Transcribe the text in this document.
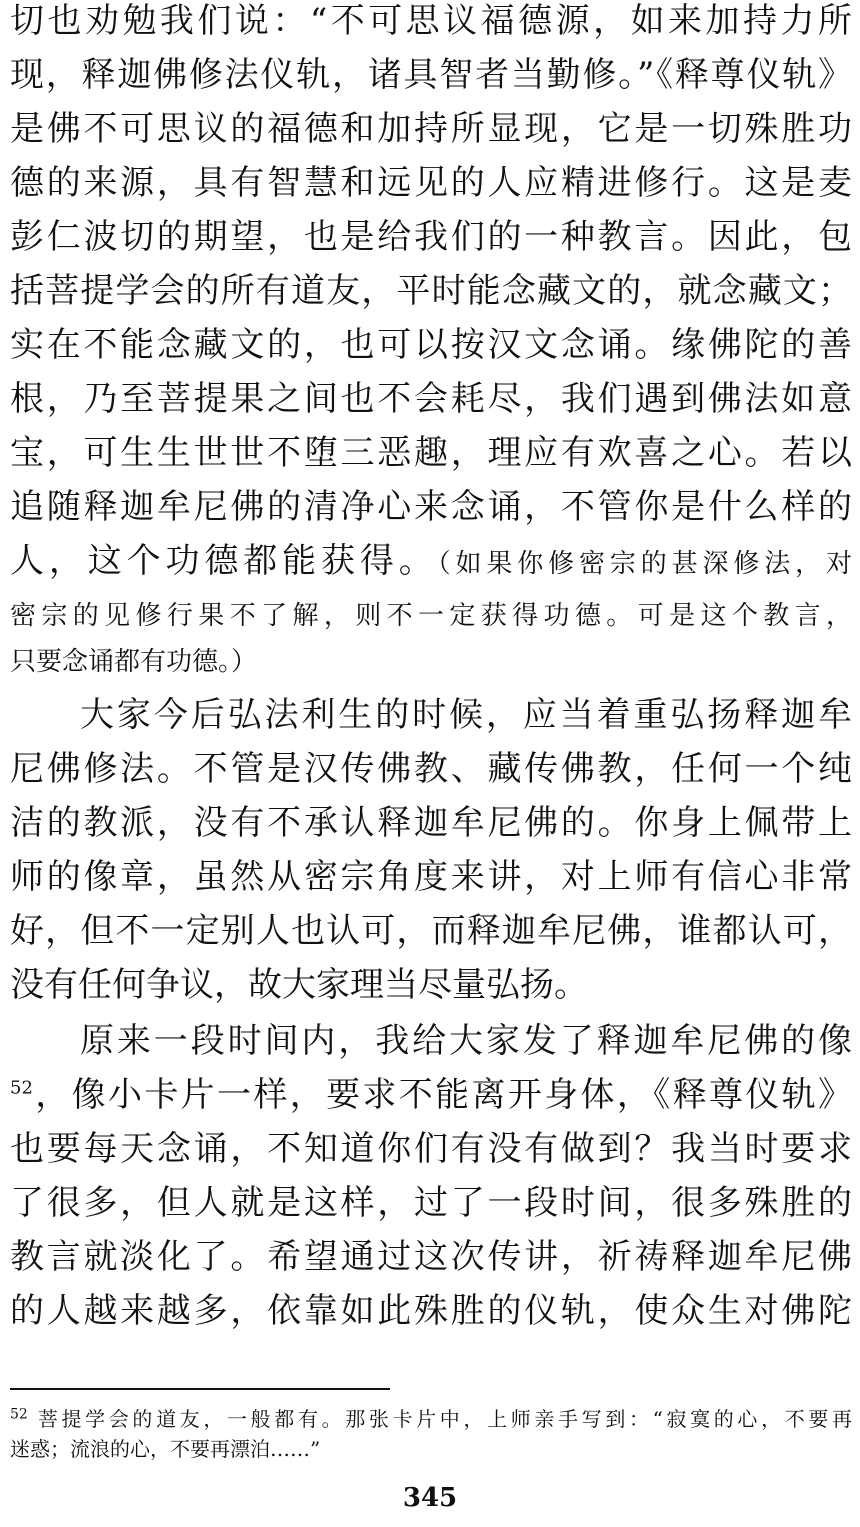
切也劝勉我们说：“不可思议福德源，如来加持力所
现，释迦佛修法仪轨，诸具智者当勤修。”《释尊仪轨》
是佛不可思议的福德和加持所显现，它是一切殊胜功
德的来源，具有智慧和远见的人应精进修行。这是麦
彭仁波切的期望，也是给我们的一种教言。因此，包
括菩提学会的所有道友，平时能念藏文的，就念藏文；
实在不能念藏文的，也可以按汉文念诵。缘佛陀的善
根，乃至菩提果之间也不会耗尽，我们遇到佛法如意
宝，可生生世世不堕三恶趣，理应有欢喜之心。若以
追随释迦牟尼佛的清净心来念诵，不管你是什么样的
人，这个功德都能获得。（如果你修密宗的甚深修法，对
密宗的见修行果不了解，则不一定获得功德。可是这个教言，
只要念诵都有功德。）
大家今后弘法利生的时候，应当着重弘扬释迦牟
尼佛修法。不管是汉传佛教、藏传佛教，任何一个纯
洁的教派，没有不承认释迦牟尼佛的。你身上佩带上
师的像章，虽然从密宗角度来讲，对上师有信心非常
好，但不一定别人也认可，而释迦牟尼佛，谁都认可，
没有任何争议，故大家理当尽量弘扬。
原来一段时间内，我给大家发了释迦牟尼佛的像
$^{52}$，像小卡片一样，要求不能离开身体，《释尊仪轨》
也要每天念诵，不知道你们有没有做到？我当时要求
了很多，但人就是这样，过了一段时间，很多殊胜的
教言就淡化了。希望通过这次传讲，祈祷释迦牟尼佛
的人越来越多，依靠如此殊胜的仪轨，使众生对佛陀
$^{52}$ 菩提学会的道友，一般都有。那张卡片中，上师亲手写到：“寂寞的心，不要再
迷惑；流浪的心，不要再漂泊……”
345
